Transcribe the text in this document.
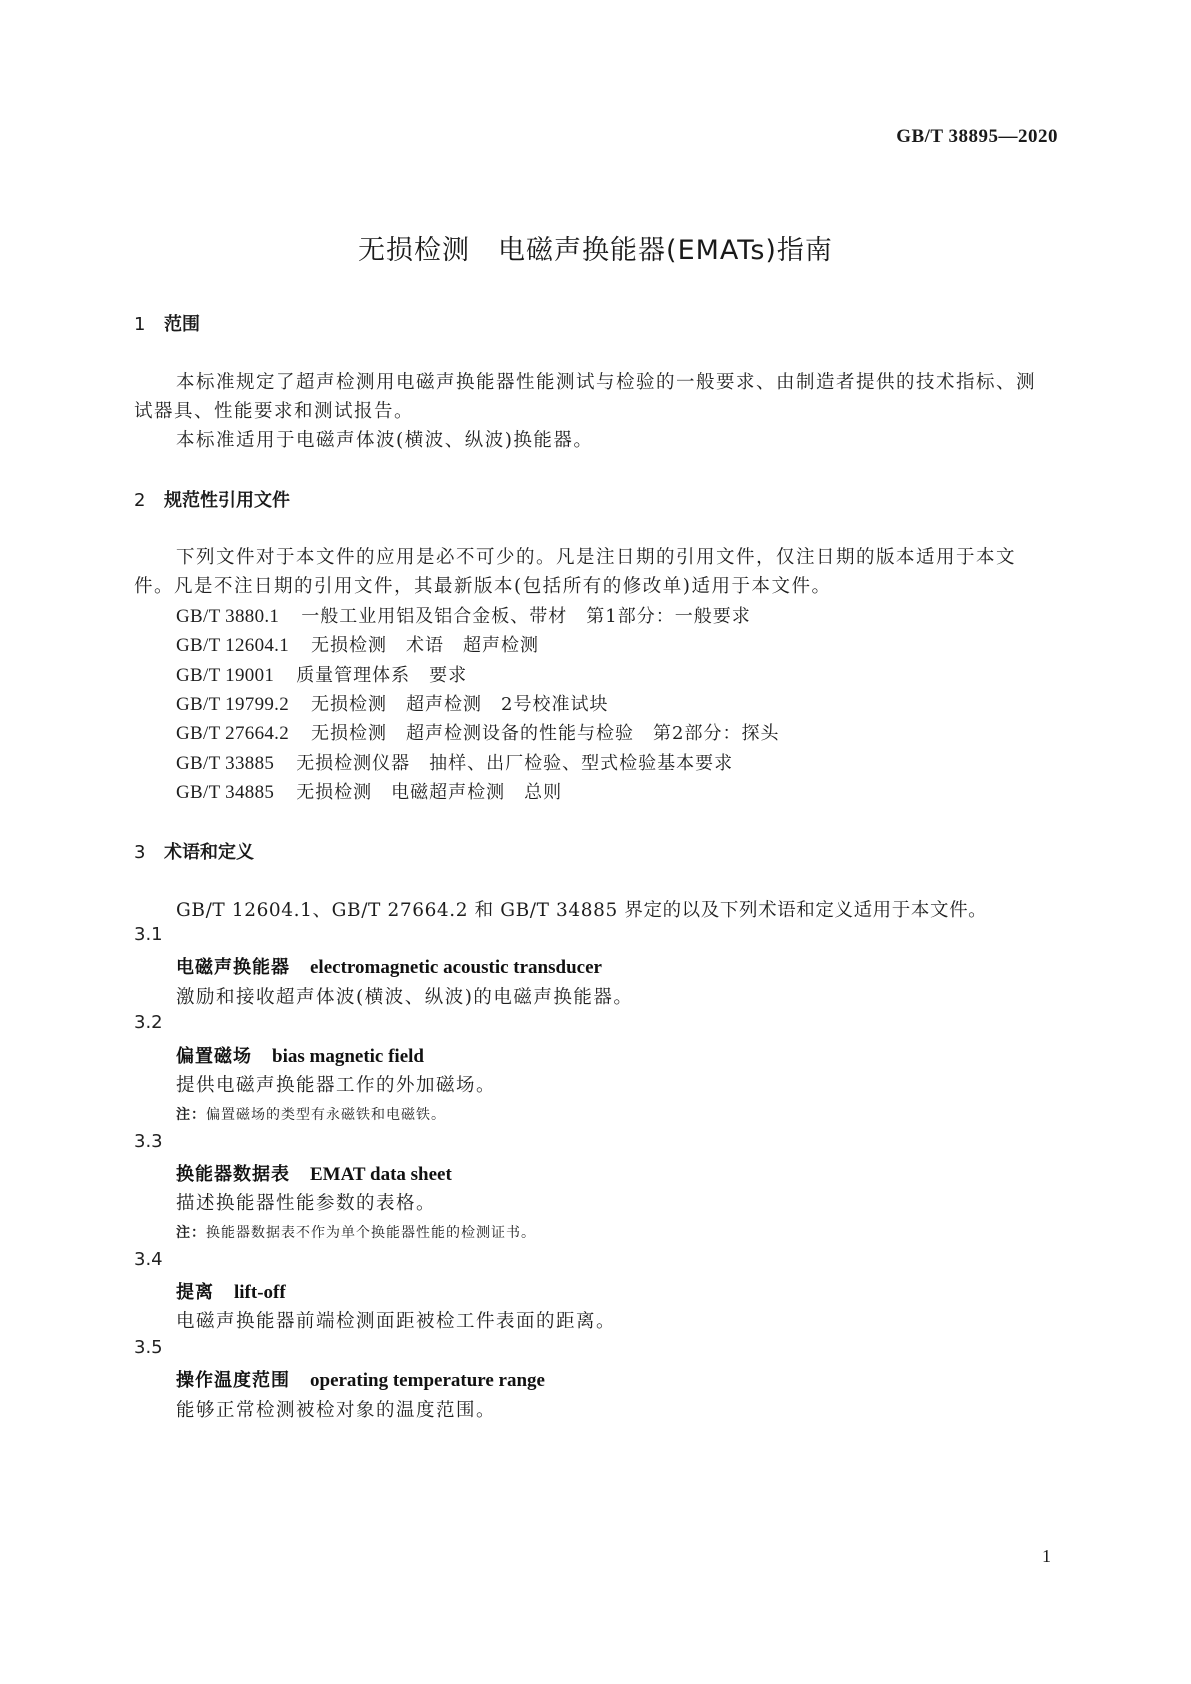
GB/T 38895—2020
无损检测　电磁声换能器(EMATs)指南
1 范围
本标准规定了超声检测用电磁声换能器性能测试与检验的一般要求、由制造者提供的技术指标、测
试器具、性能要求和测试报告。
本标准适用于电磁声体波(横波、纵波)换能器。
2 规范性引用文件
下列文件对于本文件的应用是必不可少的。凡是注日期的引用文件，仅注日期的版本适用于本文
件。凡是不注日期的引用文件，其最新版本(包括所有的修改单)适用于本文件。
GB/T 3880.1 一般工业用铝及铝合金板、带材　第1部分：一般要求
GB/T 12604.1 无损检测　术语　超声检测
GB/T 19001 质量管理体系　要求
GB/T 19799.2 无损检测　超声检测　2号校准试块
GB/T 27664.2 无损检测　超声检测设备的性能与检验　第2部分：探头
GB/T 33885 无损检测仪器　抽样、出厂检验、型式检验基本要求
GB/T 34885 无损检测　电磁超声检测　总则
3 术语和定义
GB/T 12604.1、GB/T 27664.2 和 GB/T 34885 界定的以及下列术语和定义适用于本文件。
3.1
电磁声换能器 electromagnetic acoustic transducer
激励和接收超声体波(横波、纵波)的电磁声换能器。
3.2
偏置磁场 bias magnetic field
提供电磁声换能器工作的外加磁场。
注：偏置磁场的类型有永磁铁和电磁铁。
3.3
换能器数据表 EMAT data sheet
描述换能器性能参数的表格。
注：换能器数据表不作为单个换能器性能的检测证书。
3.4
提离 lift-off
电磁声换能器前端检测面距被检工件表面的距离。
3.5
操作温度范围 operating temperature range
能够正常检测被检对象的温度范围。
1
